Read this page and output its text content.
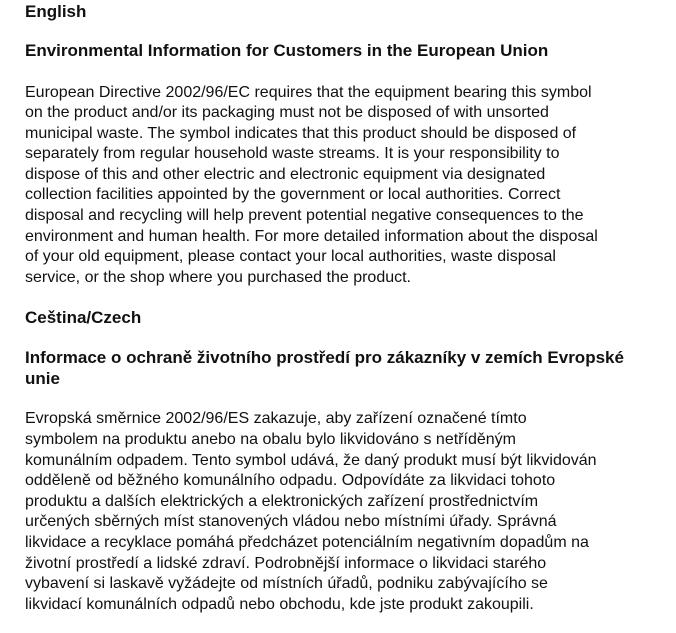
English
Environmental Information for Customers in the European Union

European Directive 2002/96/EC requires that the equipment bearing this symbol
on the product and/or its packaging must not be disposed of with unsorted
municipal waste. The symbol indicates that this product should be disposed of
separately from regular household waste streams. It is your responsibility to
dispose of this and other electric and electronic equipment via designated
collection facilities appointed by the government or local authorities. Correct
disposal and recycling will help prevent potential negative consequences to the
environment and human health. For more detailed information about the disposal
of your old equipment, please contact your local authorities, waste disposal
service, or the shop where you purchased the product.

Ceština/Czech
Informace o ochraně životního prostředí pro zákazníky v zemích Evropské
unie

Evropská směrnice 2002/96/ES zakazuje, aby zařízení označené tímto
symbolem na produktu anebo na obalu bylo likvidováno s netříděným
komunálním odpadem. Tento symbol udává, že daný produkt musí být likvidován
odděleně od běžného komunálního odpadu. Odpovídáte za likvidaci tohoto
produktu a dalších elektrických a elektronických zařízení prostřednictvím
určených sběrných míst stanovených vládou nebo místními úřady. Správná
likvidace a recyklace pomáhá předcházet potenciálním negativním dopadům na
životní prostředí a lidské zdraví. Podrobnější informace o likvidaci starého
vybavení si laskavě vyžádejte od místních úřadů, podniku zabývajícího se
likvidací komunálních odpadů nebo obchodu, kde jste produkt zakoupili.
